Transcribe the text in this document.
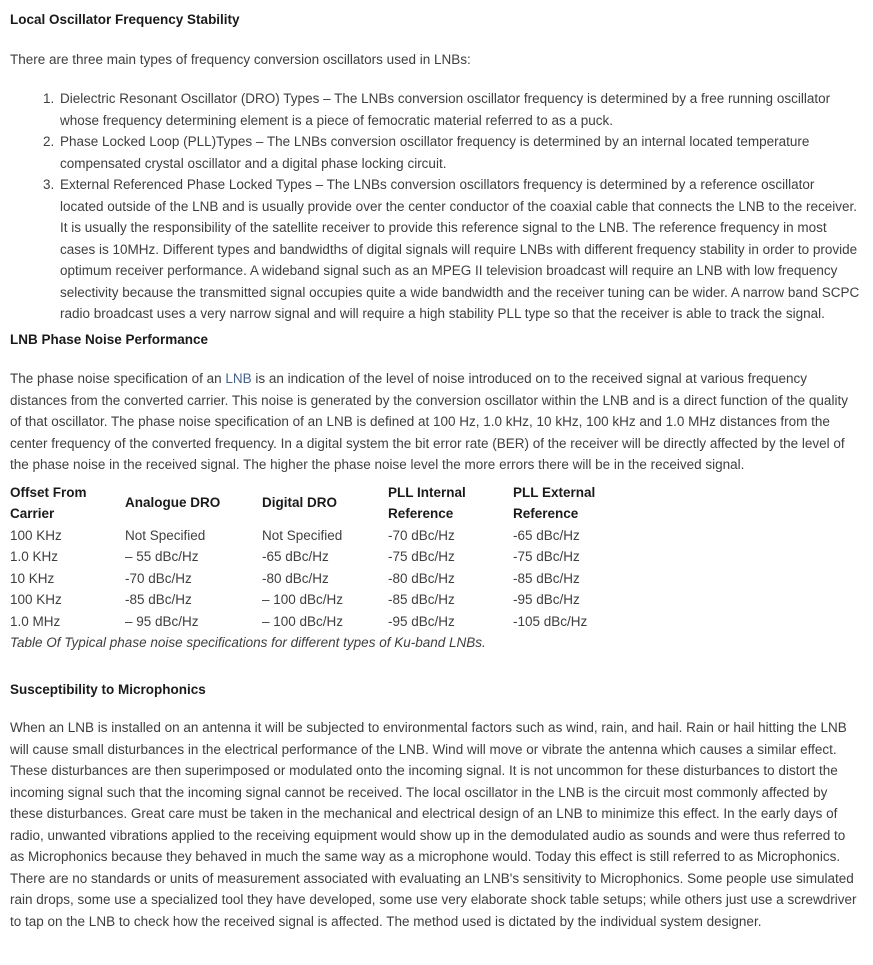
Local Oscillator Frequency Stability

There are three main types of frequency conversion oscillators used in LNBs:

1. Dielectric Resonant Oscillator (DRO) Types – The LNBs conversion oscillator frequency is determined by a free running oscillator whose frequency determining element is a piece of femocratic material referred to as a puck.
2. Phase Locked Loop (PLL)Types – The LNBs conversion oscillator frequency is determined by an internal located temperature compensated crystal oscillator and a digital phase locking circuit.
3. External Referenced Phase Locked Types – The LNBs conversion oscillators frequency is determined by a reference oscillator located outside of the LNB and is usually provide over the center conductor of the coaxial cable that connects the LNB to the receiver. It is usually the responsibility of the satellite receiver to provide this reference signal to the LNB. The reference frequency in most cases is 10MHz. Different types and bandwidths of digital signals will require LNBs with different frequency stability in order to provide optimum receiver performance. A wideband signal such as an MPEG II television broadcast will require an LNB with low frequency selectivity because the transmitted signal occupies quite a wide bandwidth and the receiver tuning can be wider. A narrow band SCPC radio broadcast uses a very narrow signal and will require a high stability PLL type so that the receiver is able to track the signal.
LNB Phase Noise Performance

The phase noise specification of an LNB is an indication of the level of noise introduced on to the received signal at various frequency distances from the converted carrier. This noise is generated by the conversion oscillator within the LNB and is a direct function of the quality of that oscillator. The phase noise specification of an LNB is defined at 100 Hz, 1.0 kHz, 10 kHz, 100 kHz and 1.0 MHz distances from the center frequency of the converted frequency. In a digital system the bit error rate (BER) of the receiver will be directly affected by the level of the phase noise in the received signal. The higher the phase noise level the more errors there will be in the received signal.

Offset From Carrier	Analogue DRO	Digital DRO	PLL Internal Reference	PLL External Reference
100 KHz	Not Specified	Not Specified	-70 dBc/Hz	-65 dBc/Hz
1.0 KHz	– 55 dBc/Hz	-65 dBc/Hz	-75 dBc/Hz	-75 dBc/Hz
10 KHz	-70 dBc/Hz	-80 dBc/Hz	-80 dBc/Hz	-85 dBc/Hz
100 KHz	-85 dBc/Hz	– 100 dBc/Hz	-85 dBc/Hz	-95 dBc/Hz
1.0 MHz	– 95 dBc/Hz	– 100 dBc/Hz	-95 dBc/Hz	-105 dBc/Hz

Table Of Typical phase noise specifications for different types of Ku-band LNBs.

Susceptibility to Microphonics

When an LNB is installed on an antenna it will be subjected to environmental factors such as wind, rain, and hail. Rain or hail hitting the LNB will cause small disturbances in the electrical performance of the LNB. Wind will move or vibrate the antenna which causes a similar effect. These disturbances are then superimposed or modulated onto the incoming signal. It is not uncommon for these disturbances to distort the incoming signal such that the incoming signal cannot be received. The local oscillator in the LNB is the circuit most commonly affected by these disturbances. Great care must be taken in the mechanical and electrical design of an LNB to minimize this effect. In the early days of radio, unwanted vibrations applied to the receiving equipment would show up in the demodulated audio as sounds and were thus referred to as Microphonics because they behaved in much the same way as a microphone would. Today this effect is still referred to as Microphonics. There are no standards or units of measurement associated with evaluating an LNB's sensitivity to Microphonics. Some people use simulated rain drops, some use a specialized tool they have developed, some use very elaborate shock table setups; while others just use a screwdriver to tap on the LNB to check how the received signal is affected. The method used is dictated by the individual system designer.
